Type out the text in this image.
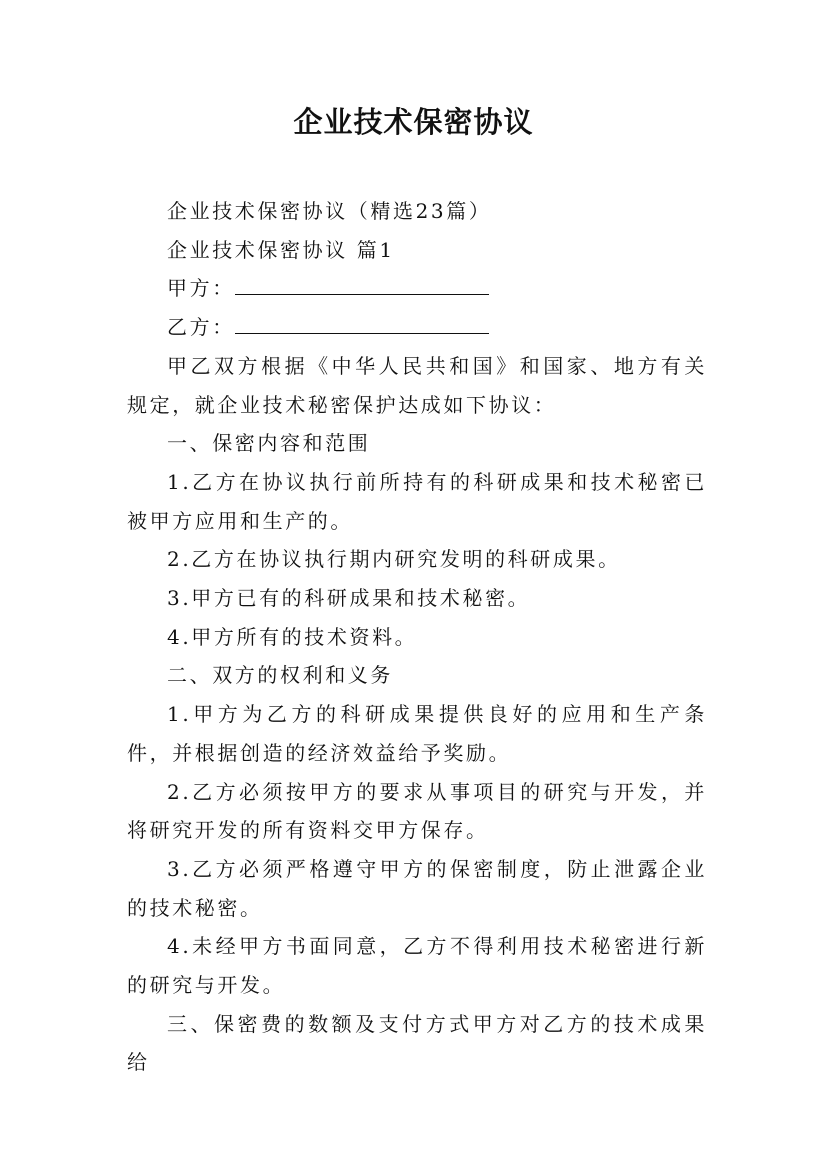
企业技术保密协议

企业技术保密协议（精选23篇）

企业技术保密协议 篇1

甲方：

乙方：

甲乙双方根据《中华人民共和国》和国家、地方有关规定，就企业技术秘密保护达成如下协议：

一、保密内容和范围

1.乙方在协议执行前所持有的科研成果和技术秘密已被甲方应用和生产的。

2.乙方在协议执行期内研究发明的科研成果。

3.甲方已有的科研成果和技术秘密。

4.甲方所有的技术资料。

二、双方的权利和义务

1.甲方为乙方的科研成果提供良好的应用和生产条件，并根据创造的经济效益给予奖励。

2.乙方必须按甲方的要求从事项目的研究与开发，并将研究开发的所有资料交甲方保存。

3.乙方必须严格遵守甲方的保密制度，防止泄露企业的技术秘密。

4.未经甲方书面同意，乙方不得利用技术秘密进行新的研究与开发。

三、保密费的数额及支付方式甲方对乙方的技术成果给
